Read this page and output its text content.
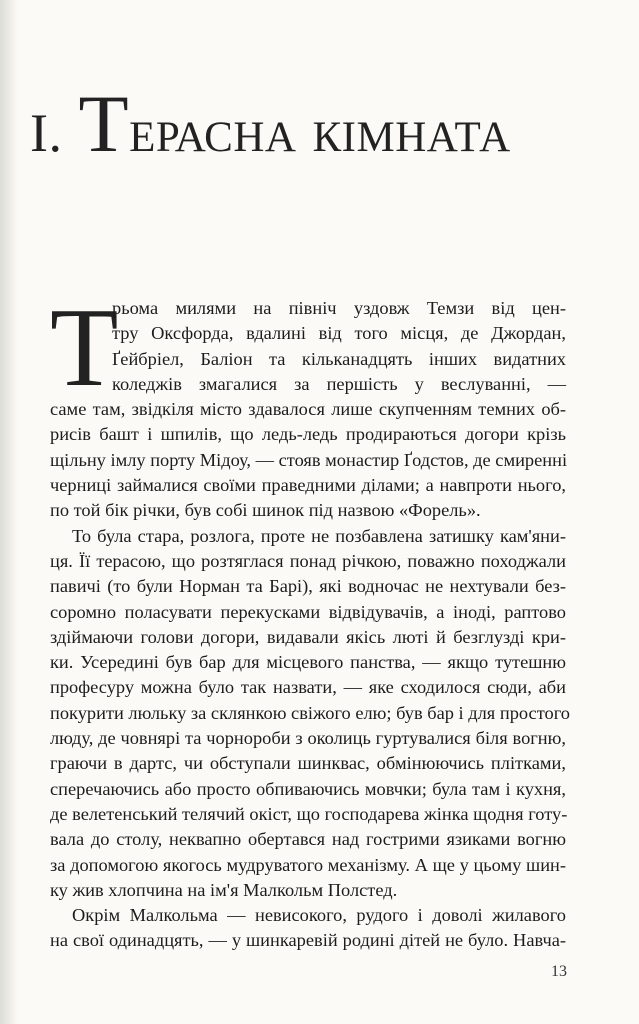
I. Терасна кімната
Т
рьома милями на північ уздовж Темзи від цен-
тру Оксфорда, вдалині від того місця, де Джордан,
Ґейбріел, Баліон та кільканадцять інших видатних
коледжів змагалися за першість у веслуванні, —
саме там, звідкіля місто здавалося лише скупченням темних об-
рисів башт і шпилів, що ледь-ледь продираються догори крізь
щільну імлу порту Мідоу, — стояв монастир Ґодстов, де смиренні
черниці займалися своїми праведними ділами; а навпроти нього,
по той бік річки, був собі шинок під назвою «Форель».
То була стара, розлога, проте не позбавлена затишку кам'яни-
ця. Її терасою, що розтяглася понад річкою, поважно походжали
павичі (то були Норман та Барі), які водночас не нехтували без-
соромно поласувати перекусками відвідувачів, а іноді, раптово
здіймаючи голови догори, видавали якісь люті й безглузді кри-
ки. Усередині був бар для місцевого панства, — якщо тутешню
професуру можна було так назвати, — яке сходилося сюди, аби
покурити люльку за склянкою свіжого елю; був бар і для простого
люду, де човнярі та чорнороби з околиць гуртувалися біля вогню,
граючи в дартс, чи обступали шинквас, обмінюючись плітками,
сперечаючись або просто обпиваючись мовчки; була там і кухня,
де велетенський телячий окіст, що господарева жінка щодня готу-
вала до столу, неквапно обертався над гострими язиками вогню
за допомогою якогось мудруватого механізму. А ще у цьому шин-
ку жив хлопчина на ім'я Малкольм Полстед.
Окрім Малкольма — невисокого, рудого і доволі жилавого
на свої одинадцять, — у шинкаревій родині дітей не було. Навча-
13
